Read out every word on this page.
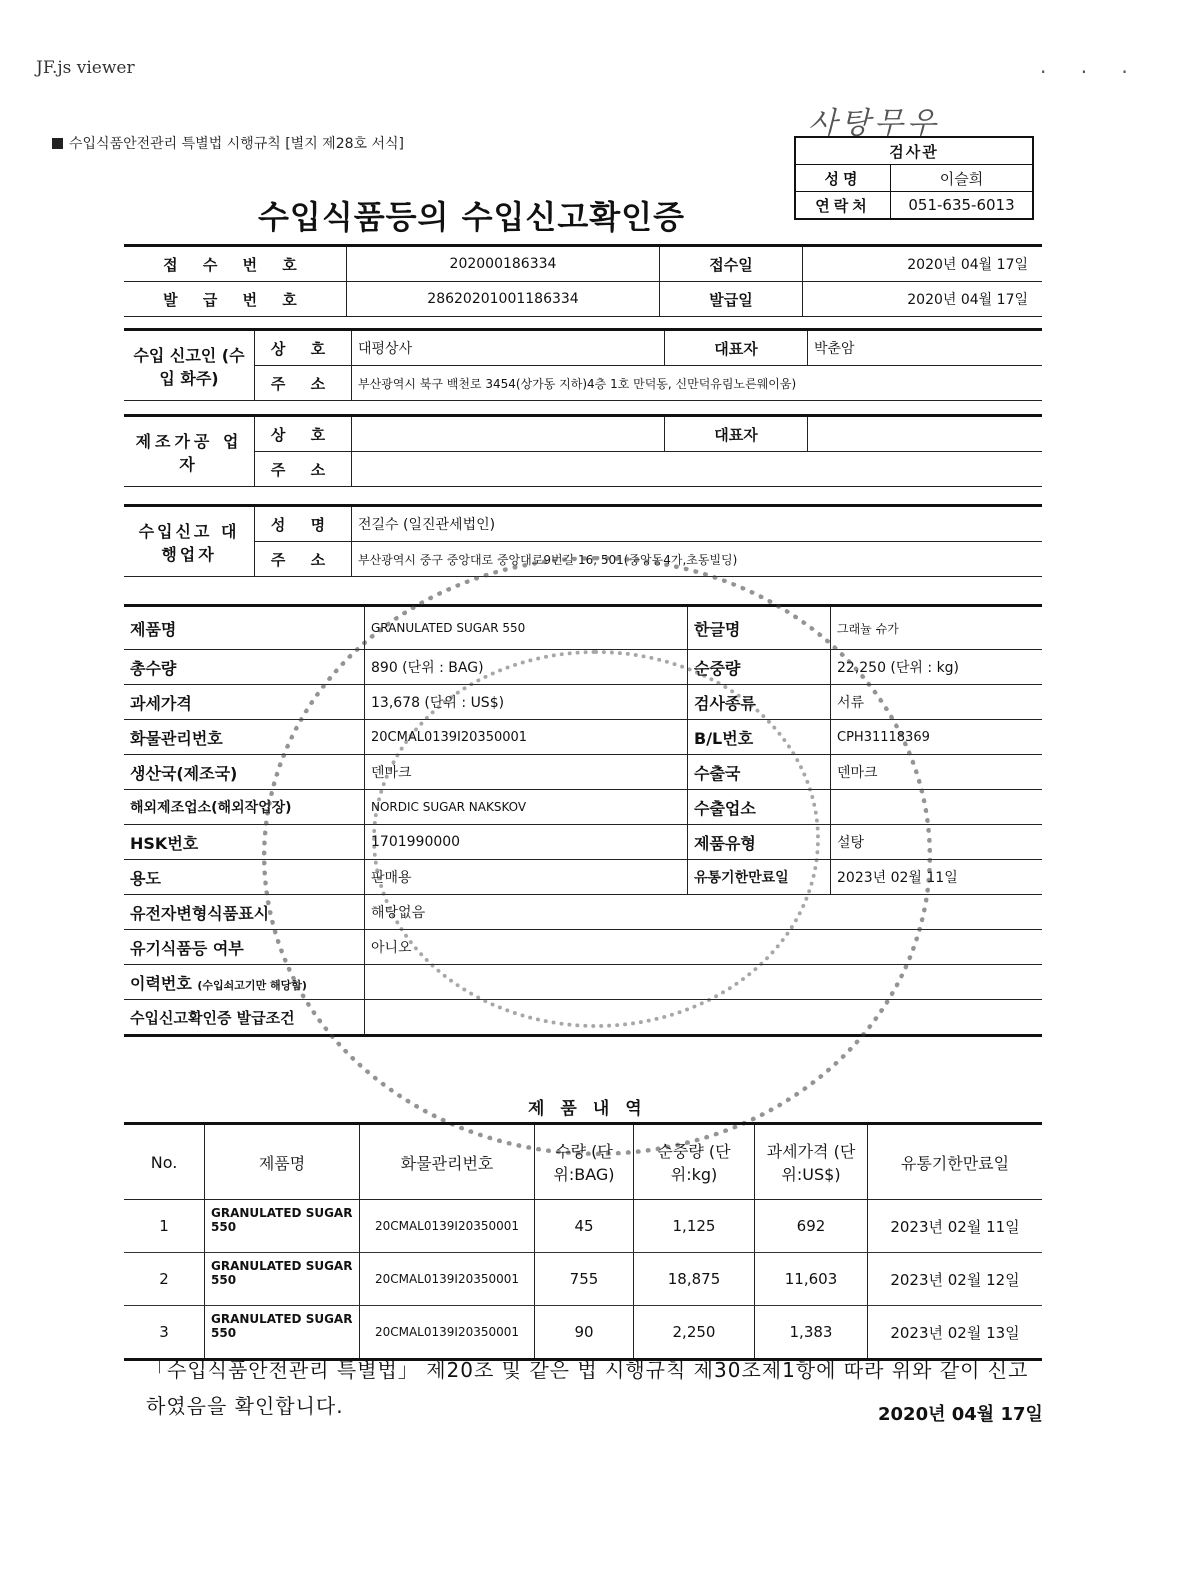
JF.js viewer	· · ·
수입식품안전관리 특별법 시행규칙 [별지 제28호 서식]
사탕무우
수입식품등의 수입신고확인증
검사관	
성명	이슬희
연락처	051-635-6013
접 수 번 호	202000186334	접수일	2020년 04월 17일
발 급 번 호	28620201001186334	발급일	2020년 04월 17일
수입 신고인 (수입 화주)	상 호	대평상사	대표자	박춘암
	주 소	부산광역시 북구 백천로 3454(상가동 지하)4층 1호 만덕동, 신만덕유림노른웨이움)		
제조가공 업 자	상 호		대표자	
	주 소			
수입신고 대행업자	성 명	전길수 (일진관세법인)
	주 소	부산광역시 중구 중앙대로 중앙대로9번길 16, 501(중앙동4가,초동빌딩)
제품명	GRANULATED SUGAR 550	한글명	그래뉼 슈가
총수량	890 (단위 : BAG)	순중량	22,250 (단위 : kg)
과세가격	13,678 (단위 : US$)	검사종류	서류
화물관리번호	20CMAL0139I20350001	B/L번호	CPH31118369
생산국(제조국)	덴마크	수출국	덴마크
해외제조업소(해외작업장)	NORDIC SUGAR NAKSKOV	수출업소	
HSK번호	1701990000	제품유형	설탕
용도	판매용	유통기한만료일	2023년 02월 11일
유전자변형식품표시	해당없음		
유기식품등 여부	아니오		
이력번호 (수입쇠고기만 해당함)			
수입신고확인증 발급조건			
제품내역
No.	제품명	화물관리번호	수량 (단위:BAG)	순중량 (단위:kg)	과세가격 (단위:US$)	유통기한만료일
1	GRANULATED SUGAR 550	20CMAL0139I20350001	45	1,125	692	2023년 02월 11일
2	GRANULATED SUGAR 550	20CMAL0139I20350001	755	18,875	11,603	2023년 02월 12일
3	GRANULATED SUGAR 550	20CMAL0139I20350001	90	2,250	1,383	2023년 02월 13일
「수입식품안전관리 특별법」 제20조 및 같은 법 시행규칙 제30조제1항에 따라 위와 같이 신고하였음을 확인합니다.	2020년 04월 17일
